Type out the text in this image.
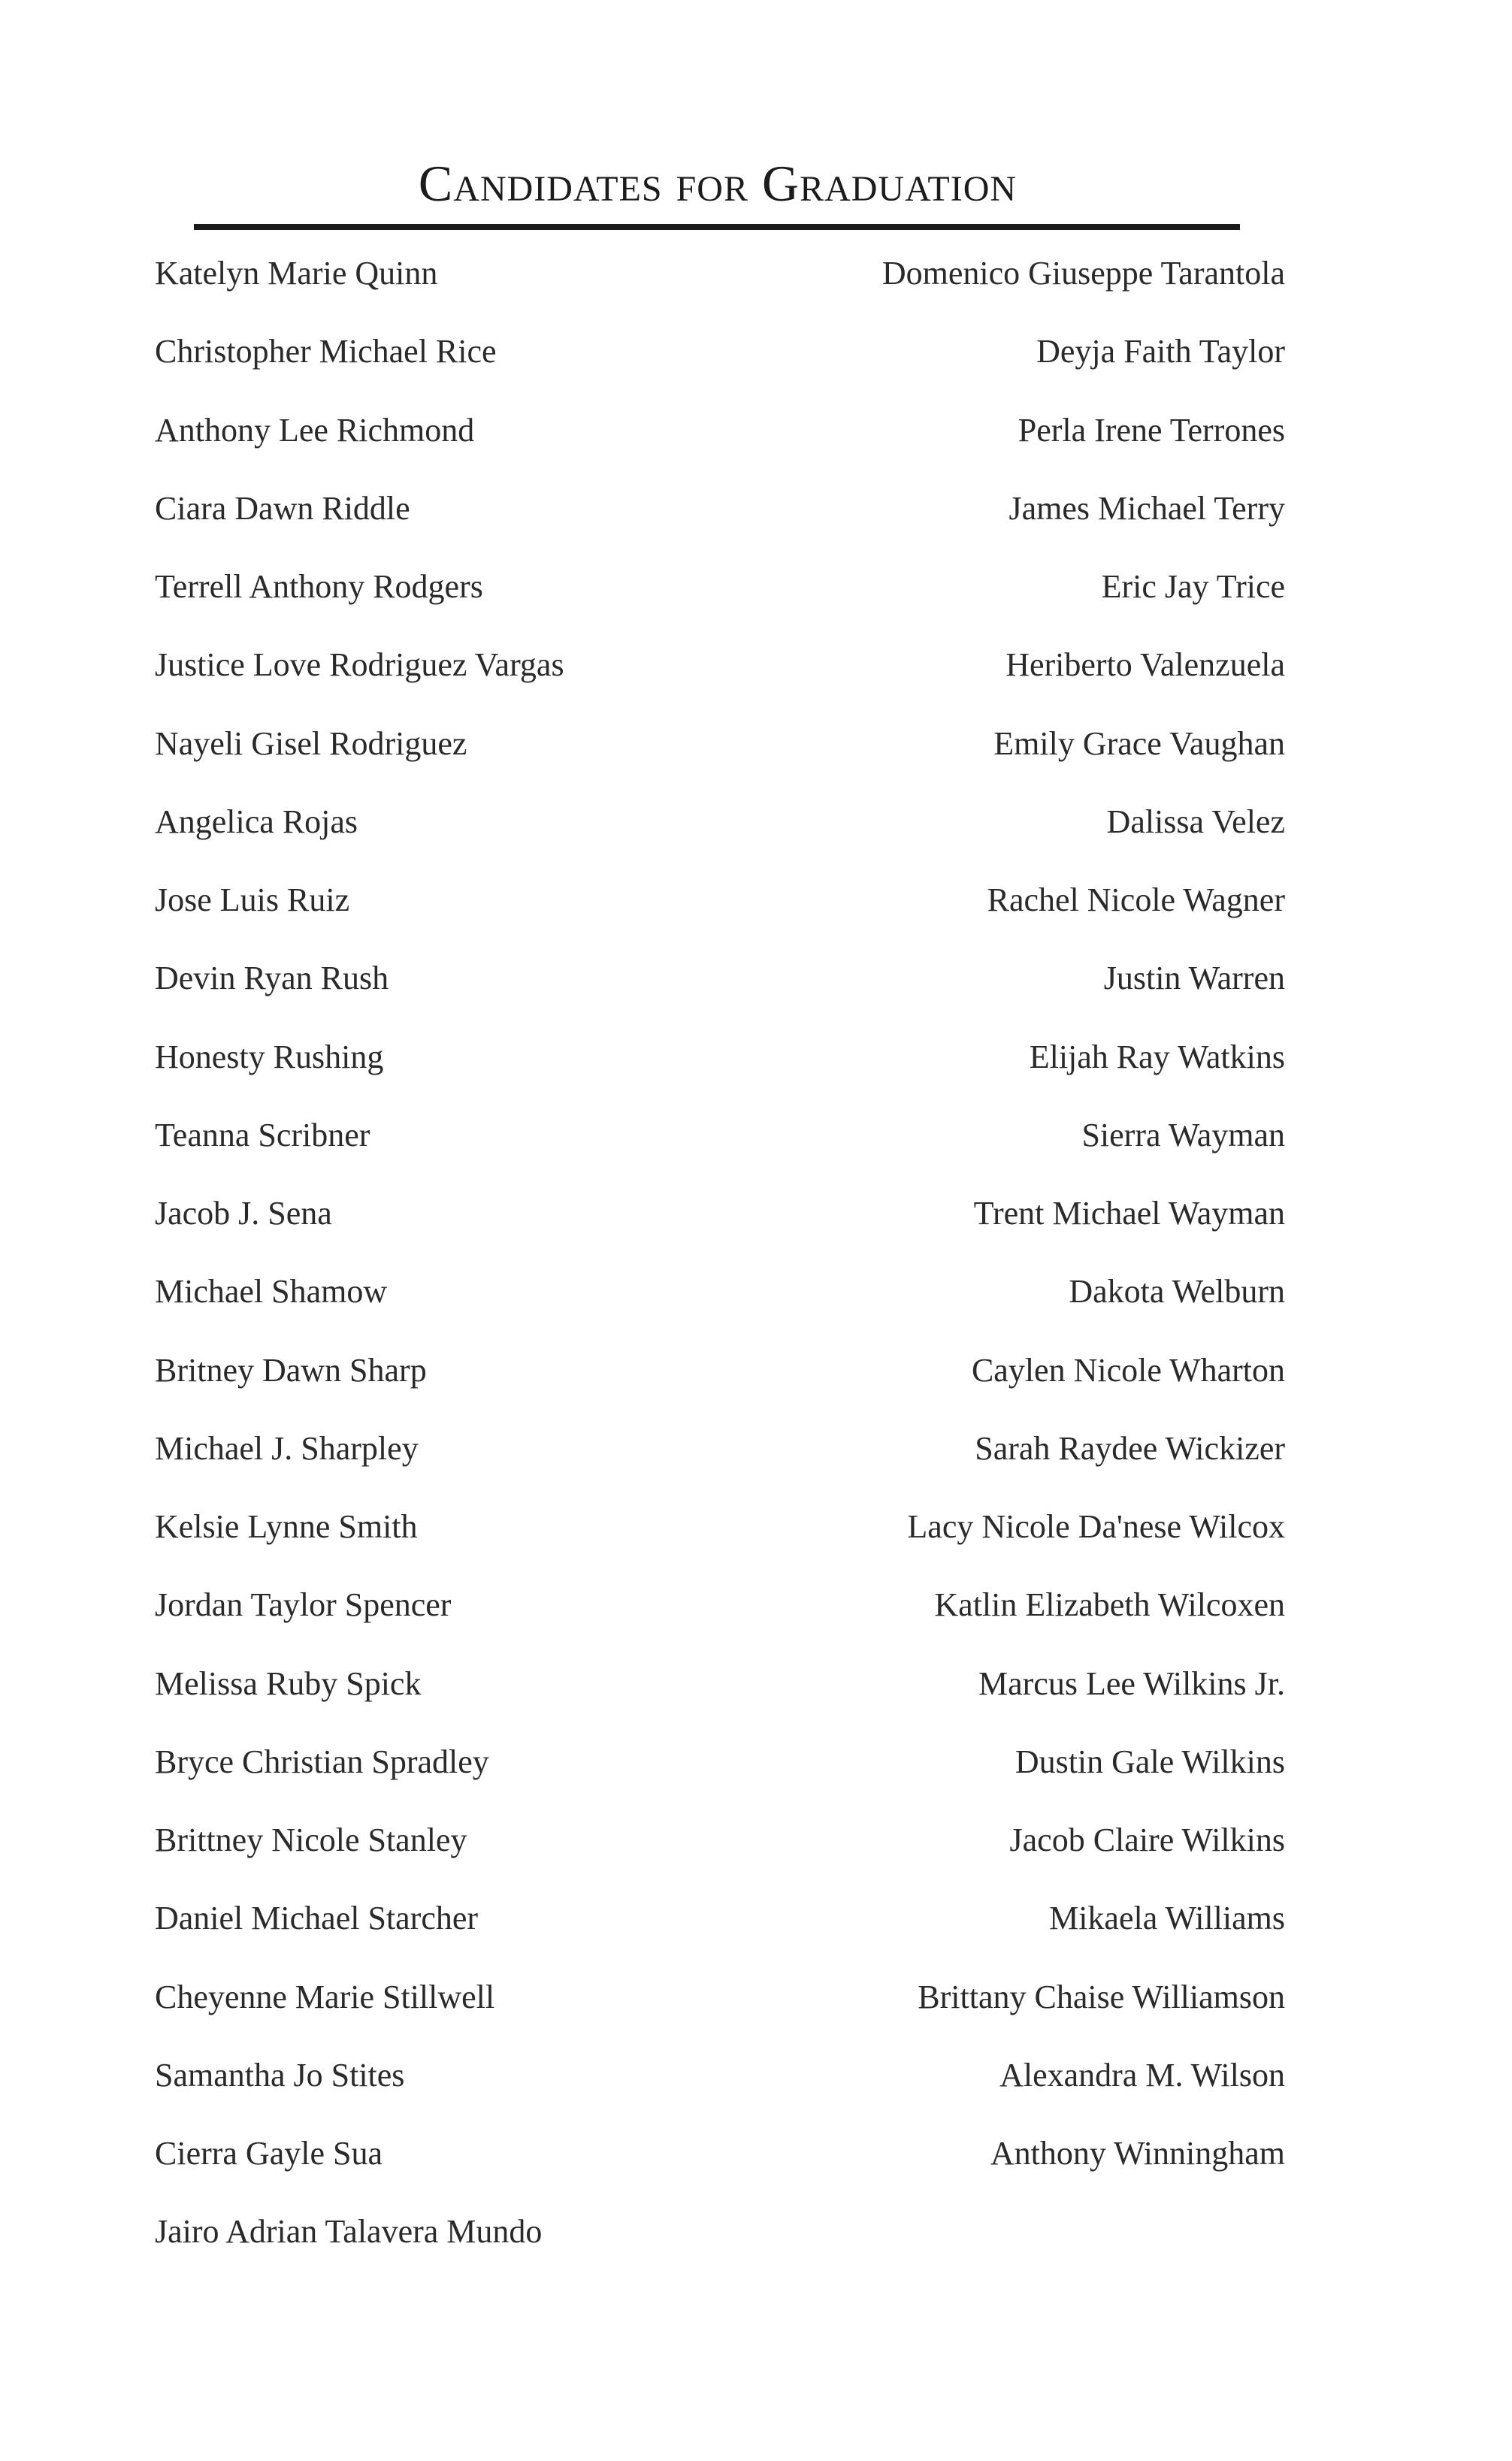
Candidates for Graduation
Katelyn Marie Quinn
Christopher Michael Rice
Anthony Lee Richmond
Ciara Dawn Riddle
Terrell Anthony Rodgers
Justice Love Rodriguez Vargas
Nayeli Gisel Rodriguez
Angelica Rojas
Jose Luis Ruiz
Devin Ryan Rush
Honesty Rushing
Teanna Scribner
Jacob J. Sena
Michael Shamow
Britney Dawn Sharp
Michael J. Sharpley
Kelsie Lynne Smith
Jordan Taylor Spencer
Melissa Ruby Spick
Bryce Christian Spradley
Brittney Nicole Stanley
Daniel Michael Starcher
Cheyenne Marie Stillwell
Samantha Jo Stites
Cierra Gayle Sua
Jairo Adrian Talavera Mundo
Domenico Giuseppe Tarantola
Deyja Faith Taylor
Perla Irene Terrones
James Michael Terry
Eric Jay Trice
Heriberto Valenzuela
Emily Grace Vaughan
Dalissa Velez
Rachel Nicole Wagner
Justin Warren
Elijah Ray Watkins
Sierra Wayman
Trent Michael Wayman
Dakota Welburn
Caylen Nicole Wharton
Sarah Raydee Wickizer
Lacy Nicole Da'nese Wilcox
Katlin Elizabeth Wilcoxen
Marcus Lee Wilkins Jr.
Dustin Gale Wilkins
Jacob Claire Wilkins
Mikaela Williams
Brittany Chaise Williamson
Alexandra M. Wilson
Anthony Winningham
